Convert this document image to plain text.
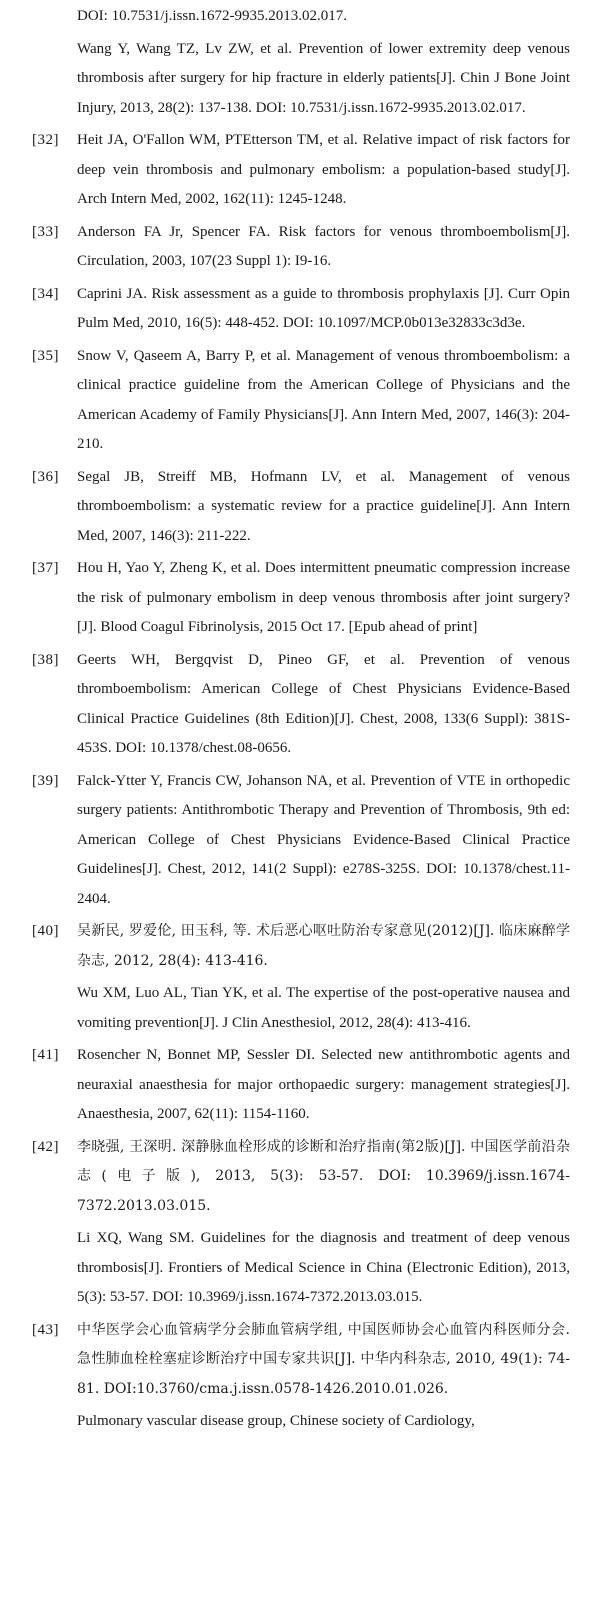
DOI: 10.7531/j.issn.1672-9935.2013.02.017.
Wang Y, Wang TZ, Lv ZW, et al. Prevention of lower extremity deep venous thrombosis after surgery for hip fracture in elderly patients[J]. Chin J Bone Joint Injury, 2013, 28(2): 137-138. DOI: 10.7531/j.issn.1672-9935.2013.02.017.
[32]	Heit JA, O'Fallon WM, PTEtterson TM, et al. Relative impact of risk factors for deep vein thrombosis and pulmonary embolism: a population-based study[J]. Arch Intern Med, 2002, 162(11): 1245-1248.
[33]	Anderson FA Jr, Spencer FA. Risk factors for venous thromboembolism[J]. Circulation, 2003, 107(23 Suppl 1): I9-16.
[34]	Caprini JA. Risk assessment as a guide to thrombosis prophylaxis [J]. Curr Opin Pulm Med, 2010, 16(5): 448-452. DOI: 10.1097/MCP.0b013e32833c3d3e.
[35]	Snow V, Qaseem A, Barry P, et al. Management of venous thromboembolism: a clinical practice guideline from the American College of Physicians and the American Academy of Family Physicians[J]. Ann Intern Med, 2007, 146(3): 204-210.
[36]	Segal JB, Streiff MB, Hofmann LV, et al. Management of venous thromboembolism: a systematic review for a practice guideline[J]. Ann Intern Med, 2007, 146(3): 211-222.
[37]	Hou H, Yao Y, Zheng K, et al. Does intermittent pneumatic compression increase the risk of pulmonary embolism in deep venous thrombosis after joint surgery?[J]. Blood Coagul Fibrinolysis, 2015 Oct 17. [Epub ahead of print]
[38]	Geerts WH, Bergqvist D, Pineo GF, et al. Prevention of venous thromboembolism: American College of Chest Physicians Evidence-Based Clinical Practice Guidelines (8th Edition)[J]. Chest, 2008, 133(6 Suppl): 381S-453S. DOI: 10.1378/chest.08-0656.
[39]	Falck-Ytter Y, Francis CW, Johanson NA, et al. Prevention of VTE in orthopedic surgery patients: Antithrombotic Therapy and Prevention of Thrombosis, 9th ed: American College of Chest Physicians Evidence-Based Clinical Practice Guidelines[J]. Chest, 2012, 141(2 Suppl): e278S-325S. DOI: 10.1378/chest.11-2404.
[40]	吴新民, 罗爱伦, 田玉科, 等. 术后恶心呕吐防治专家意见(2012)[J]. 临床麻醉学杂志, 2012, 28(4): 413-416.
Wu XM, Luo AL, Tian YK, et al. The expertise of the post-operative nausea and vomiting prevention[J]. J Clin Anesthesiol, 2012, 28(4): 413-416.
[41]	Rosencher N, Bonnet MP, Sessler DI. Selected new antithrombotic agents and neuraxial anaesthesia for major orthopaedic surgery: management strategies[J]. Anaesthesia, 2007, 62(11): 1154-1160.
[42]	李晓强, 王深明. 深静脉血栓形成的诊断和治疗指南(第2版)[J]. 中国医学前沿杂志(电子版), 2013, 5(3): 53-57. DOI: 10.3969/j.issn.1674-7372.2013.03.015.
Li XQ, Wang SM. Guidelines for the diagnosis and treatment of deep venous thrombosis[J]. Frontiers of Medical Science in China (Electronic Edition), 2013, 5(3): 53-57. DOI: 10.3969/j.issn.1674-7372.2013.03.015.
[43]	中华医学会心血管病学分会肺血管病学组, 中国医师协会心血管内科医师分会. 急性肺血栓栓塞症诊断治疗中国专家共识[J]. 中华内科杂志, 2010, 49(1): 74-81. DOI:10.3760/cma.j.issn.0578-1426.2010.01.026.
Pulmonary vascular disease group, Chinese society of Cardiology,
